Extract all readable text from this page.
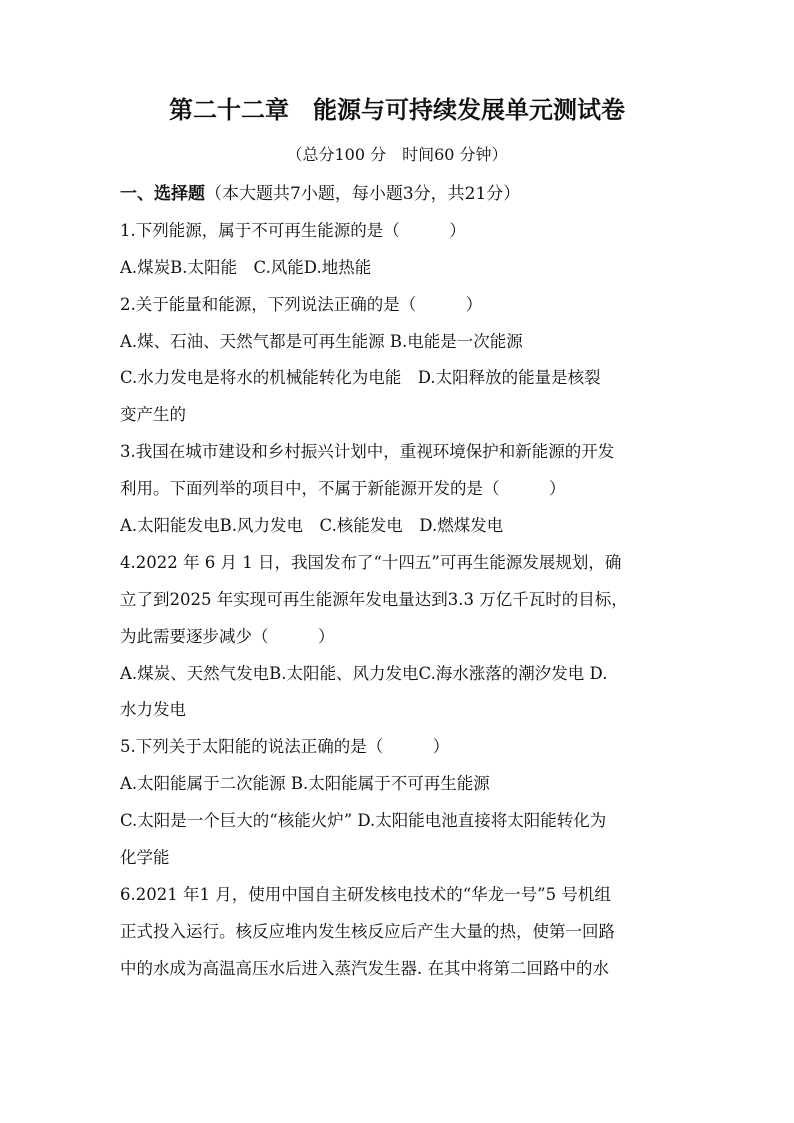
第二十二章　能源与可持续发展单元测试卷
（总分100 分　时间60 分钟）
一、选择题（本大题共7小题，每小题3分，共21分）
1.下列能源，属于不可再生能源的是（　　　）
A.煤炭B.太阳能　C.风能D.地热能
2.关于能量和能源，下列说法正确的是（　　　）
A.煤、石油、天然气都是可再生能源 B.电能是一次能源
C.水力发电是将水的机械能转化为电能　D.太阳释放的能量是核裂
变产生的
3.我国在城市建设和乡村振兴计划中，重视环境保护和新能源的开发
利用。下面列举的项目中，不属于新能源开发的是（　　　）
A.太阳能发电B.风力发电　C.核能发电　D.燃煤发电
4.2022 年 6 月 1 日，我国发布了“十四五”可再生能源发展规划，确
立了到2025 年实现可再生能源年发电量达到3.3 万亿千瓦时的目标，
为此需要逐步减少（　　　）
A.煤炭、天然气发电B.太阳能、风力发电C.海水涨落的潮汐发电 D.
水力发电
5.下列关于太阳能的说法正确的是（　　　）
A.太阳能属于二次能源 B.太阳能属于不可再生能源
C.太阳是一个巨大的“核能火炉” D.太阳能电池直接将太阳能转化为
化学能
6.2021 年1 月，使用中国自主研发核电技术的“华龙一号”5 号机组
正式投入运行。核反应堆内发生核反应后产生大量的热，使第一回路
中的水成为高温高压水后进入蒸汽发生器. 在其中将第二回路中的水
